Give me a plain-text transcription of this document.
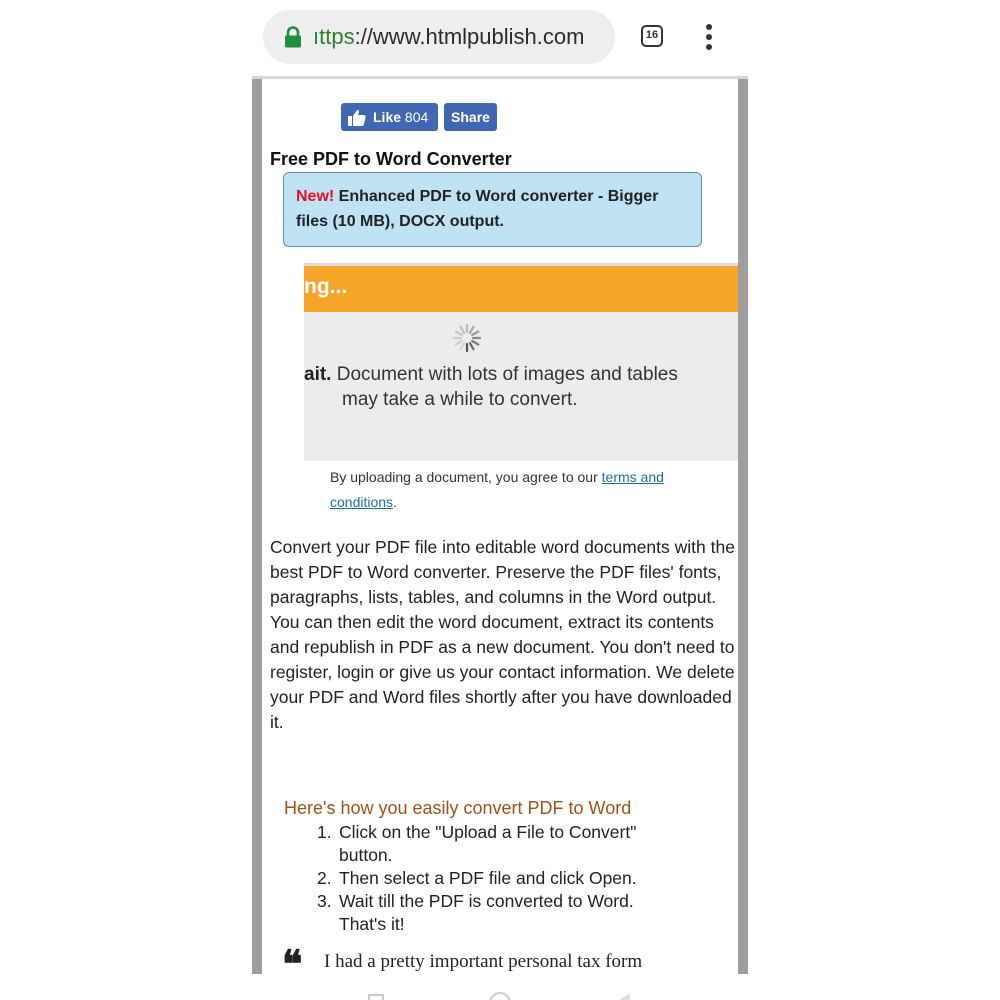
ıttps://www.htmlpublish.com	16
Like 804	Share
Free PDF to Word Converter
New! Enhanced PDF to Word converter - Bigger files (10 MB), DOCX output.
ng...
ait. Document with lots of images and tables
may take a while to convert.
By uploading a document, you agree to our terms and conditions.
Convert your PDF file into editable word documents with the best PDF to Word converter. Preserve the PDF files' fonts, paragraphs, lists, tables, and columns in the Word output. You can then edit the word document, extract its contents and republish in PDF as a new document. You don't need to register, login or give us your contact information. We delete your PDF and Word files shortly after you have downloaded it.
Here's how you easily convert PDF to Word
1. Click on the "Upload a File to Convert" button.
2. Then select a PDF file and click Open.
3. Wait till the PDF is converted to Word. That's it!
❝ I had a pretty important personal tax form
